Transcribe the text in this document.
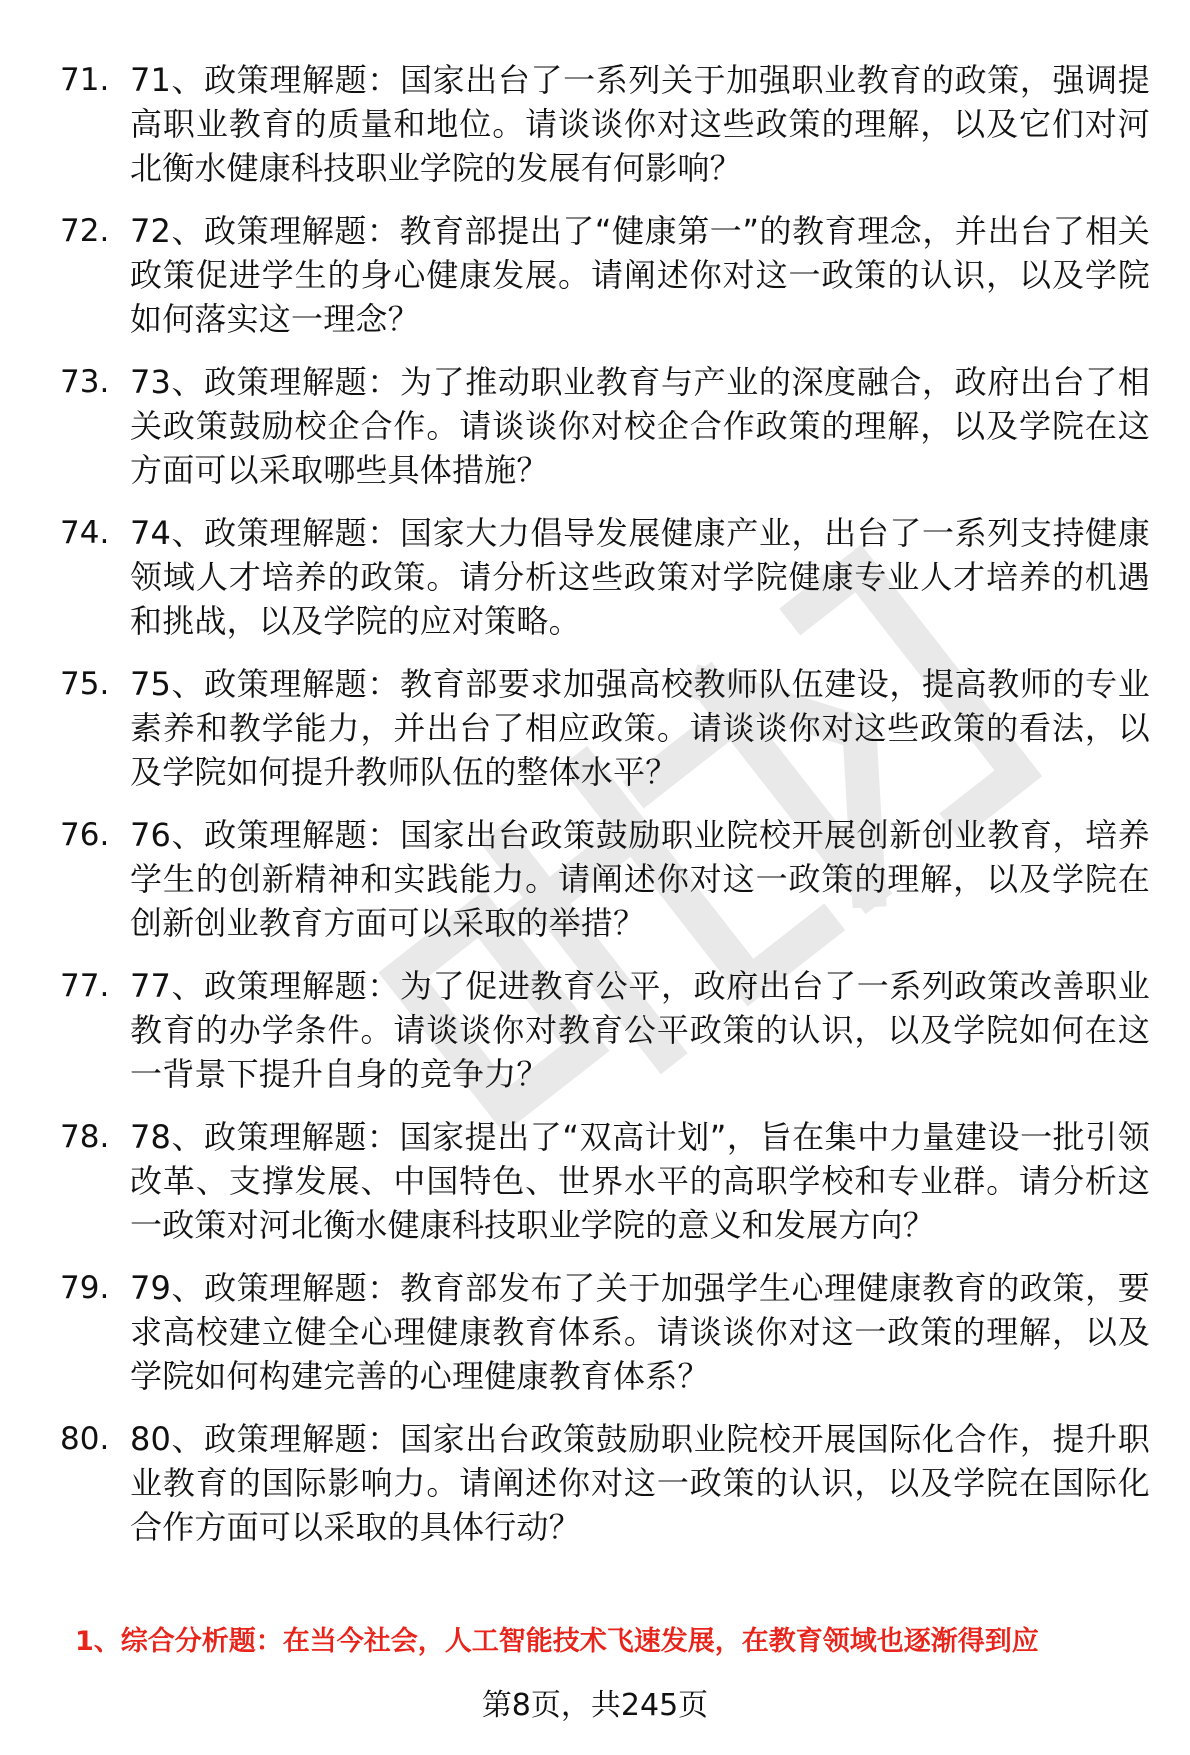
71. 71、政策理解题：国家出台了一系列关于加强职业教育的政策，强调提高职业教育的质量和地位。请谈谈你对这些政策的理解，以及它们对河北衡水健康科技职业学院的发展有何影响？
72. 72、政策理解题：教育部提出了“健康第一”的教育理念，并出台了相关政策促进学生的身心健康发展。请阐述你对这一政策的认识，以及学院如何落实这一理念？
73. 73、政策理解题：为了推动职业教育与产业的深度融合，政府出台了相关政策鼓励校企合作。请谈谈你对校企合作政策的理解，以及学院在这方面可以采取哪些具体措施？
74. 74、政策理解题：国家大力倡导发展健康产业，出台了一系列支持健康领域人才培养的政策。请分析这些政策对学院健康专业人才培养的机遇和挑战，以及学院的应对策略。
75. 75、政策理解题：教育部要求加强高校教师队伍建设，提高教师的专业素养和教学能力，并出台了相应政策。请谈谈你对这些政策的看法，以及学院如何提升教师队伍的整体水平？
76. 76、政策理解题：国家出台政策鼓励职业院校开展创新创业教育，培养学生的创新精神和实践能力。请阐述你对这一政策的理解，以及学院在创新创业教育方面可以采取的举措？
77. 77、政策理解题：为了促进教育公平，政府出台了一系列政策改善职业教育的办学条件。请谈谈你对教育公平政策的认识，以及学院如何在这一背景下提升自身的竞争力？
78. 78、政策理解题：国家提出了“双高计划”，旨在集中力量建设一批引领改革、支撑发展、中国特色、世界水平的高职学校和专业群。请分析这一政策对河北衡水健康科技职业学院的意义和发展方向？
79. 79、政策理解题：教育部发布了关于加强学生心理健康教育的政策，要求高校建立健全心理健康教育体系。请谈谈你对这一政策的理解，以及学院如何构建完善的心理健康教育体系？
80. 80、政策理解题：国家出台政策鼓励职业院校开展国际化合作，提升职业教育的国际影响力。请阐述你对这一政策的认识，以及学院在国际化合作方面可以采取的具体行动？
1、综合分析题：在当今社会，人工智能技术飞速发展，在教育领域也逐渐得到应
第8页，共245页
